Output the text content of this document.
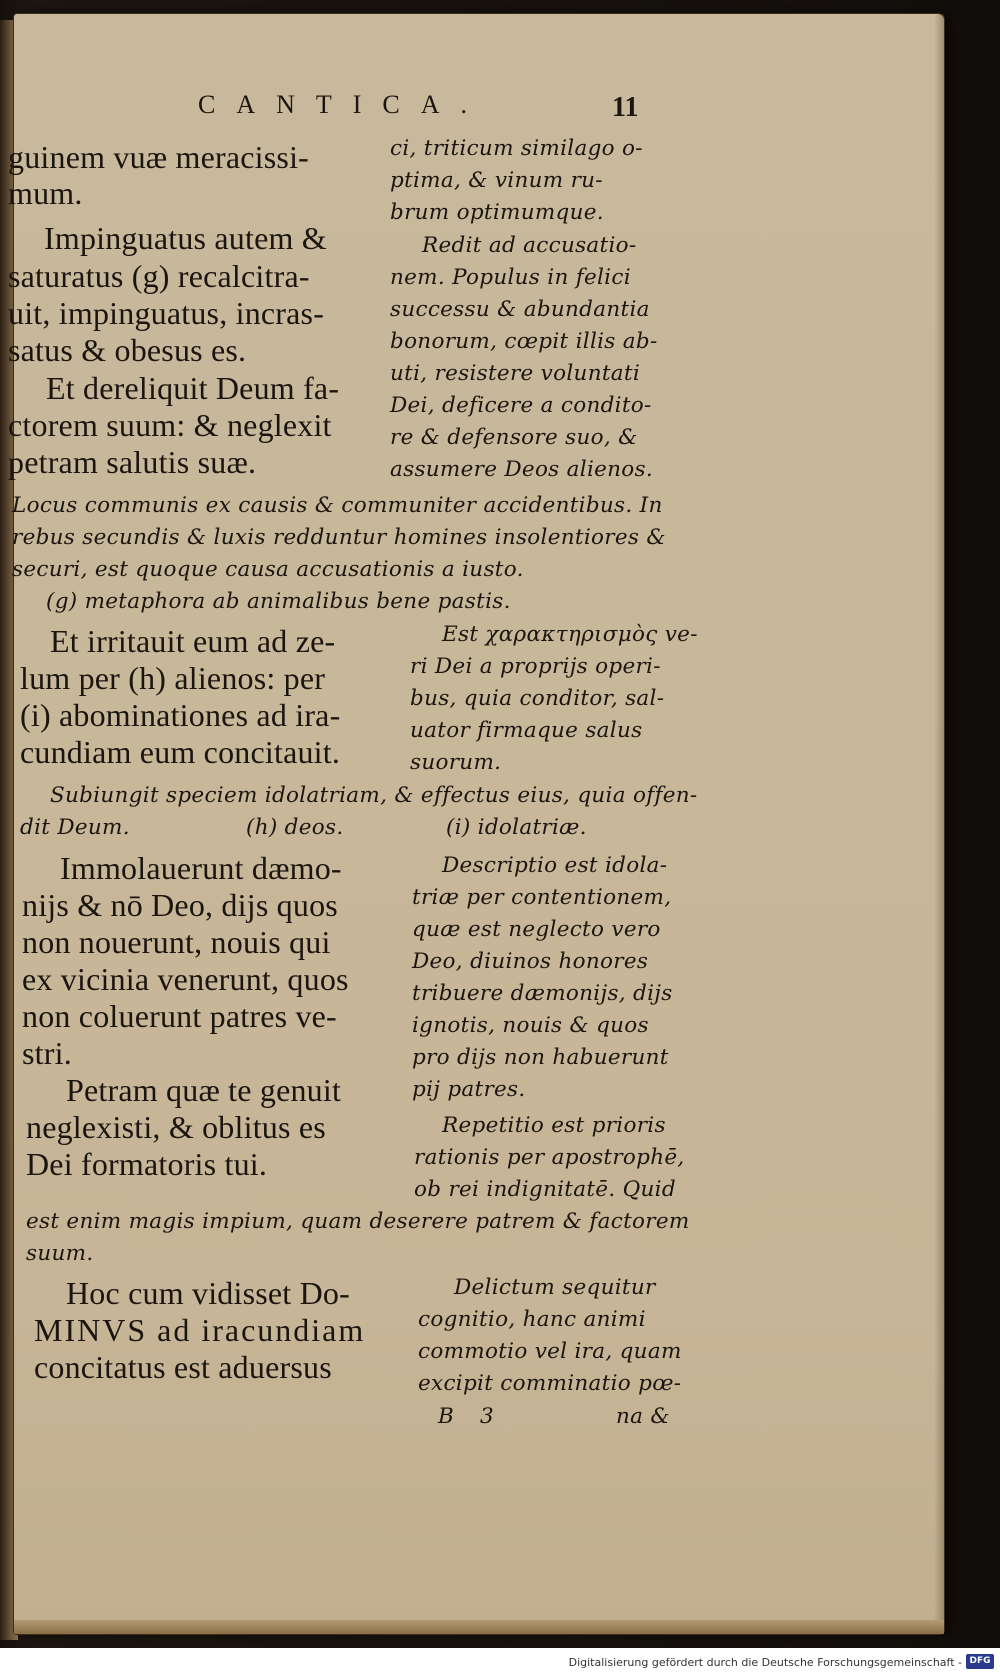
CANTICA.	11
guinem vuæ meracissi-
mum.
Impinguatus autem &
saturatus (g) recalcitra-
uit, impinguatus, incras-
satus & obesus es.
Et dereliquit Deum fa-
ctorem suum: & neglexit
petram salutis suæ.
ci, triticum similago o-
ptima, & vinum ru-
brum optimumque.
Redit ad accusatio-
nem. Populus in felici
successu & abundantia
bonorum, cœpit illis ab-
uti, resistere voluntati
Dei, deficere a condito-
re & defensore suo, &
assumere Deos alienos.
Locus communis ex causis & communiter accidentibus. In
rebus secundis & luxis redduntur homines insolentiores &
securi, est quoque causa accusationis a iusto.
(g) metaphora ab animalibus bene pastis.
Et irritauit eum ad ze-
lum per (h) alienos: per
(i) abominationes ad ira-
cundiam eum concitauit.
Est χαρακτηρισμὸς ve-
ri Dei a proprijs operi-
bus, quia conditor, sal-
uator firmaque salus
suorum.
Subiungit speciem idolatriam, & effectus eius, quia offen-
dit Deum.	(h) deos.	(i) idolatriæ.
Immolauerunt dæmo-
nijs & nō Deo, dijs quos
non nouerunt, nouis qui
ex vicinia venerunt, quos
non coluerunt patres ve-
stri.
Petram quæ te genuit
neglexisti, & oblitus es
Dei formatoris tui.
Descriptio est idola-
triæ per contentionem,
quæ est neglecto vero
Deo, diuinos honores
tribuere dæmonijs, dijs
ignotis, nouis & quos
pro dijs non habuerunt
pij patres.
Repetitio est prioris
rationis per apostrophē,
ob rei indignitatē. Quid
est enim magis impium, quam deserere patrem & factorem
suum.
Hoc cum vidisset Do-
MINVS ad iracundiam
concitatus est aduersus
Delictum sequitur
cognitio, hanc animi
commotio vel ira, quam
excipit comminatio pœ-
B 3	na &
Digitalisierung gefördert durch die Deutsche Forschungsgemeinschaft - DFG
